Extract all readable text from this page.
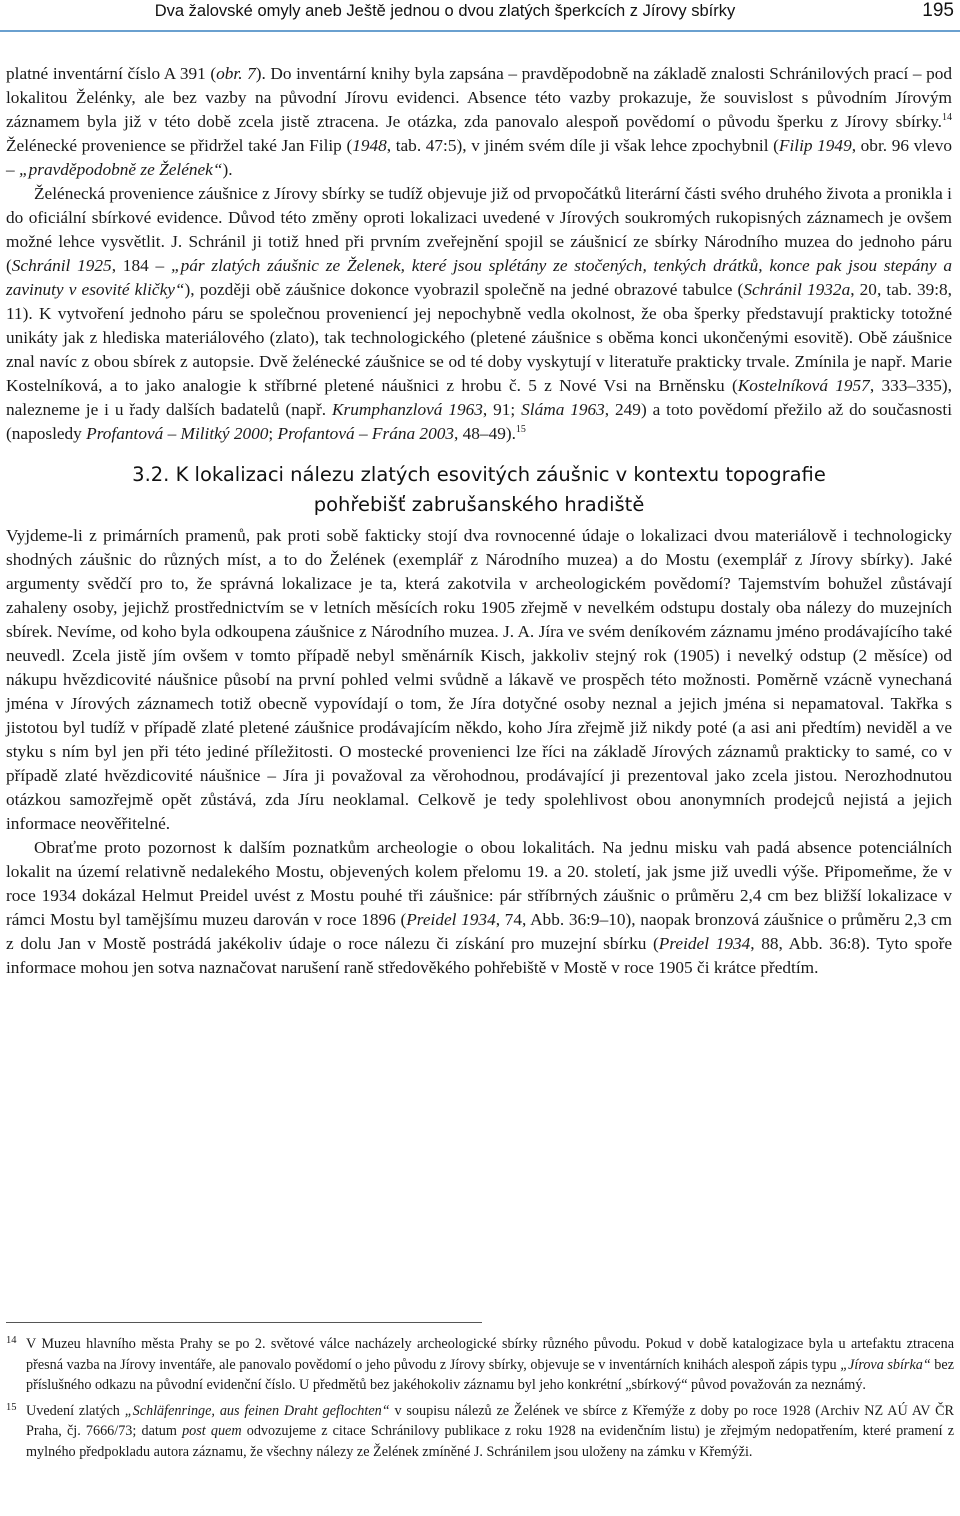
Dva žalovské omyly aneb Ještě jednou o dvou zlatých šperkcích z Jírovy sbírky	195

platné inventární číslo A 391 (obr. 7). Do inventární knihy byla zapsána – pravděpodobně na základě znalosti Schránilových prací – pod lokalitou Želénky, ale bez vazby na původní Jírovu evidenci. Absence této vazby prokazuje, že souvislost s původním Jírovým záznamem byla již v této době zcela jistě ztracena. Je otázka, zda panovalo alespoň povědomí o původu šperku z Jírovy sbírky.$^{14}$ Želénecké provenience se přidržel také Jan Filip (1948, tab. 47:5), v jiném svém díle ji však lehce zpochybnil (Filip 1949, obr. 96 vlevo – „pravděpodobně ze Želének“).

Želénecká provenience záušnice z Jírovy sbírky se tudíž objevuje již od prvopočátků literární části svého druhého života a pronikla i do oficiální sbírkové evidence. Důvod této změny oproti lokalizaci uvedené v Jírových soukromých rukopisných záznamech je ovšem možné lehce vysvětlit. J. Schránil ji totiž hned při prvním zveřejnění spojil se záušnicí ze sbírky Národního muzea do jednoho páru (Schránil 1925, 184 – „pár zlatých záušnic ze Želenek, které jsou splétány ze stočených, tenkých drátků, konce pak jsou stepány a zavinuty v esovité kličky“), později obě záušnice dokonce vyobrazil společně na jedné obrazové tabulce (Schránil 1932a, 20, tab. 39:8, 11). K vytvoření jednoho páru se společnou proveniencí jej nepochybně vedla okolnost, že oba šperky představují prakticky totožné unikáty jak z hlediska materiálového (zlato), tak technologického (pletené záušnice s oběma konci ukončenými esovitě). Obě záušnice znal navíc z obou sbírek z autopsie. Dvě želénecké záušnice se od té doby vyskytují v literatuře prakticky trvale. Zmínila je např. Marie Kostelníková, a to jako analogie k stříbrné pletené náušnici z hrobu č. 5 z Nové Vsi na Brněnsku (Kostelníková 1957, 333–335), nalezneme je i u řady dalších badatelů (např. Krumphanzlová 1963, 91; Sláma 1963, 249) a toto povědomí přežilo až do současnosti (naposledy Profantová – Militký 2000; Profantová – Frána 2003, 48–49).$^{15}$

3.2. K lokalizaci nálezu zlatých esovitých záušnic v kontextu topografie
pohřebišť zabrušanského hradiště

Vyjdeme-li z primárních pramenů, pak proti sobě fakticky stojí dva rovnocenné údaje o lokalizaci dvou materiálově i technologicky shodných záušnic do různých míst, a to do Želének (exemplář z Národního muzea) a do Mostu (exemplář z Jírovy sbírky). Jaké argumenty svědčí pro to, že správná lokalizace je ta, která zakotvila v archeologickém povědomí? Tajemstvím bohužel zůstávají zahaleny osoby, jejichž prostřednictvím se v letních měsících roku 1905 zřejmě v nevelkém odstupu dostaly oba nálezy do muzejních sbírek. Nevíme, od koho byla odkoupena záušnice z Národního muzea. J. A. Jíra ve svém deníkovém záznamu jméno prodávajícího také neuvedl. Zcela jistě jím ovšem v tomto případě nebyl směnárník Kisch, jakkoliv stejný rok (1905) i nevelký odstup (2 měsíce) od nákupu hvězdicovité náušnice působí na první pohled velmi svůdně a lákavě ve prospěch této možnosti. Poměrně vzácně vynechaná jména v Jírových záznamech totiž obecně vypovídají o tom, že Jíra dotyčné osoby neznal a jejich jména si nepamatoval. Takřka s jistotou byl tudíž v případě zlaté pletené záušnice prodávajícím někdo, koho Jíra zřejmě již nikdy poté (a asi ani předtím) neviděl a ve styku s ním byl jen při této jediné příležitosti. O mostecké provenienci lze říci na základě Jírových záznamů prakticky to samé, co v případě zlaté hvězdicovité náušnice – Jíra ji považoval za věrohodnou, prodávající ji prezentoval jako zcela jistou. Nerozhodnutou otázkou samozřejmě opět zůstává, zda Jíru neoklamal. Celkově je tedy spolehlivost obou anonymních prodejců nejistá a jejich informace neověřitelné.

Obraťme proto pozornost k dalším poznatkům archeologie o obou lokalitách. Na jednu misku vah padá absence potenciálních lokalit na území relativně nedalekého Mostu, objevených kolem přelomu 19. a 20. století, jak jsme již uvedli výše. Připomeňme, že v roce 1934 dokázal Helmut Preidel uvést z Mostu pouhé tři záušnice: pár stříbrných záušnic o průměru 2,4 cm bez bližší lokalizace v rámci Mostu byl tamějšímu muzeu darován v roce 1896 (Preidel 1934, 74, Abb. 36:9–10), naopak bronzová záušnice o průměru 2,3 cm z dolu Jan v Mostě postrádá jakékoliv údaje o roce nálezu či získání pro muzejní sbírku (Preidel 1934, 88, Abb. 36:8). Tyto spoře informace mohou jen sotva naznačovat narušení raně středověkého pohřebiště v Mostě v roce 1905 či krátce předtím.

14 V Muzeu hlavního města Prahy se po 2. světové válce nacházely archeologické sbírky různého původu. Pokud v době katalogizace byla u artefaktu ztracena přesná vazba na Jírovy inventáře, ale panovalo povědomí o jeho původu z Jírovy sbírky, objevuje se v inventárních knihách alespoň zápis typu „Jírova sbírka“ bez příslušného odkazu na původní evidenční číslo. U předmětů bez jakéhokoliv záznamu byl jeho konkrétní „sbírkový“ původ považován za neznámý.
15 Uvedení zlatých „Schläfenringe, aus feinen Draht geflochten“ v soupisu nálezů ze Želének ve sbírce z Křemýže z doby po roce 1928 (Archiv NZ AÚ AV ČR Praha, čj. 7666/73; datum post quem odvozujeme z citace Schránilovy publikace z roku 1928 na evidenčním listu) je zřejmým nedopatřením, které pramení z mylného předpokladu autora záznamu, že všechny nálezy ze Želének zmíněné J. Schránilem jsou uloženy na zámku v Křemýži.
